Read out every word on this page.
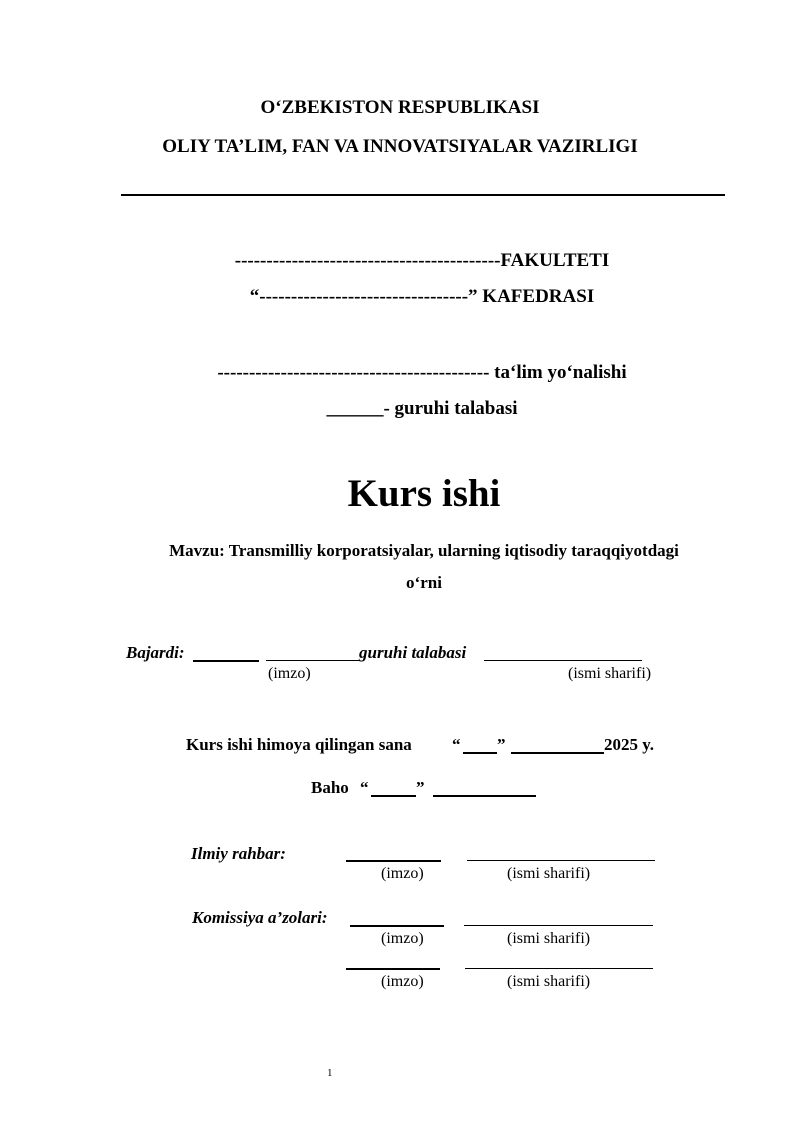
O‘ZBEKISTON RESPUBLIKASI

OLIY TA’LIM, FAN VA INNOVATSIYALAR VAZIRLIGI

------------------------------------------FAKULTETI

“---------------------------------” KAFEDRASI

------------------------------------------- ta‘lim yo‘nalishi

______- guruhi talabasi

Kurs ishi

Mavzu: Transmilliy korporatsiyalar, ularning iqtisodiy taraqqiyotdagi

o‘rni

Bajardi:	guruhi talabasi
(imzo)	(ismi sharifi)
Kurs ishi himoya qilingan sana “ ”	2025 y.
Baho “	”
Ilmiy rahbar:
(imzo)	(ismi sharifi)
Komissiya a’zolari:
(imzo)	(ismi sharifi)
(imzo)	(ismi sharifi)
1
